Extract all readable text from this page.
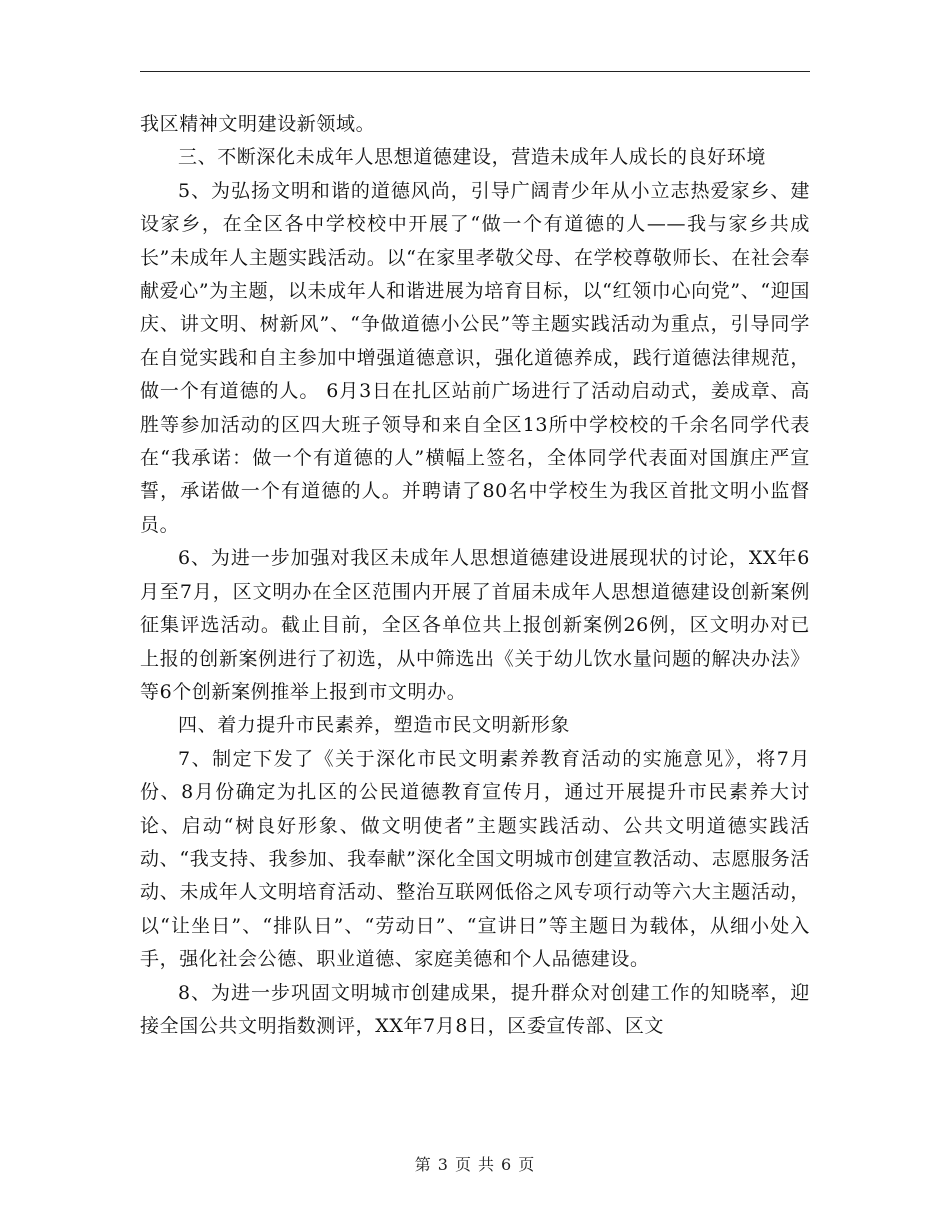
我区精神文明建设新领域。

三、不断深化未成年人思想道德建设，营造未成年人成长的良好环境

5、为弘扬文明和谐的道德风尚，引导广阔青少年从小立志热爱家乡、建设家乡，在全区各中学校校中开展了“做一个有道德的人——我与家乡共成长”未成年人主题实践活动。以“在家里孝敬父母、在学校尊敬师长、在社会奉献爱心”为主题，以未成年人和谐进展为培育目标，以“红领巾心向党”、“迎国庆、讲文明、树新风”、“争做道德小公民”等主题实践活动为重点，引导同学在自觉实践和自主参加中增强道德意识，强化道德养成，践行道德法律规范，做一个有道德的人。 6月3日在扎区站前广场进行了活动启动式，姜成章、高胜等参加活动的区四大班子领导和来自全区13所中学校校的千余名同学代表在“我承诺：做一个有道德的人”横幅上签名，全体同学代表面对国旗庄严宣誓，承诺做一个有道德的人。并聘请了80名中学校生为我区首批文明小监督员。

6、为进一步加强对我区未成年人思想道德建设进展现状的讨论，XX年6月至7月，区文明办在全区范围内开展了首届未成年人思想道德建设创新案例征集评选活动。截止目前，全区各单位共上报创新案例26例，区文明办对已上报的创新案例进行了初选，从中筛选出《关于幼儿饮水量问题的解决办法》等6个创新案例推举上报到市文明办。

四、着力提升市民素养，塑造市民文明新形象

7、制定下发了《关于深化市民文明素养教育活动的实施意见》，将7月份、8月份确定为扎区的公民道德教育宣传月，通过开展提升市民素养大讨论、启动“树良好形象、做文明使者”主题实践活动、公共文明道德实践活动、“我支持、我参加、我奉献”深化全国文明城市创建宣教活动、志愿服务活动、未成年人文明培育活动、整治互联网低俗之风专项行动等六大主题活动，以“让坐日”、“排队日”、“劳动日”、“宣讲日”等主题日为载体，从细小处入手，强化社会公德、职业道德、家庭美德和个人品德建设。

8、为进一步巩固文明城市创建成果，提升群众对创建工作的知晓率，迎接全国公共文明指数测评，XX年7月8日，区委宣传部、区文

第 3 页 共 6 页
